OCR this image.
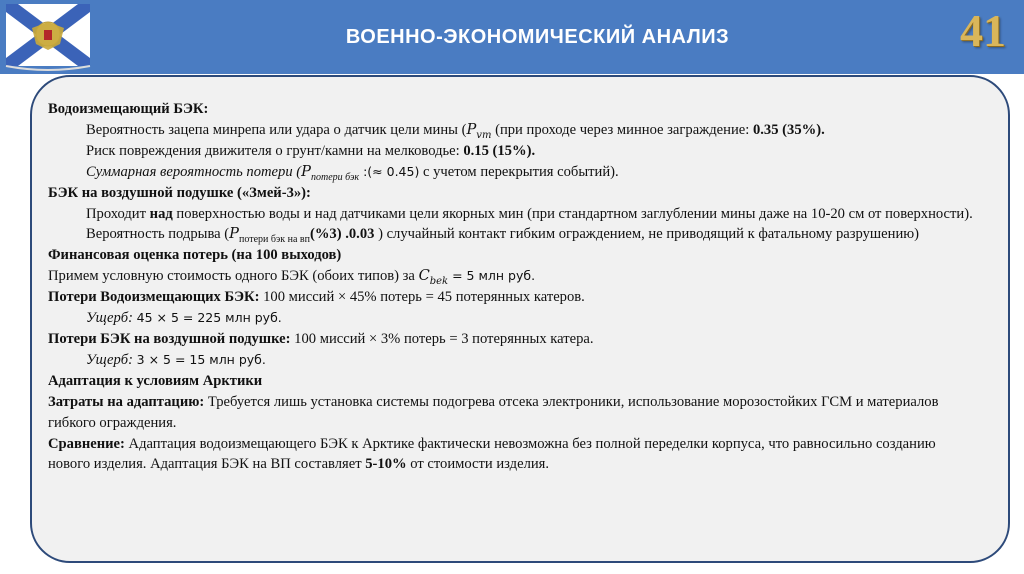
ВОЕННО-ЭКОНОМИЧЕСКИЙ АНАЛИЗ	41

Водоизмещающий БЭК:

Вероятность зацепа минрепа или удара о датчик цели мины ($P_{vm}$ (при проходе через минное заграждение: 0.35 (35%).

Риск повреждения движителя о грунт/камни на мелководье: 0.15 (15%).

Суммарная вероятность потери ($P_{потери бэк}$ :(≈ 0.45) с учетом перекрытия событий).

БЭК на воздушной подушке («Змей-3»):

Проходит над поверхностью воды и над датчиками цели якорных мин (при стандартном заглублении мины даже на 10-20 см от поверхности).

Вероятность подрыва ($P_{потери бэк на вп}(\%3)$ .0.03 ) случайный контакт гибким ограждением, не приводящий к фатальному разрушению)

Финансовая оценка потерь (на 100 выходов)

Примем условную стоимость одного БЭК (обоих типов) за $C_{bek} = 5$ млн руб.

Потери Водоизмещающих БЭК: 100 миссий × 45% потерь = 45 потерянных катеров.

Ущерб: 45 × 5 = 225 млн руб.

Потери БЭК на воздушной подушке: 100 миссий × 3% потерь = 3 потерянных катера.

Ущерб: 3 × 5 = 15 млн руб.

Адаптация к условиям Арктики

Затраты на адаптацию: Требуется лишь установка системы подогрева отсека электроники, использование морозостойких ГСМ и материалов гибкого ограждения.

Сравнение: Адаптация водоизмещающего БЭК к Арктике фактически невозможна без полной переделки корпуса, что равносильно созданию нового изделия. Адаптация БЭК на ВП составляет 5-10% от стоимости изделия.
